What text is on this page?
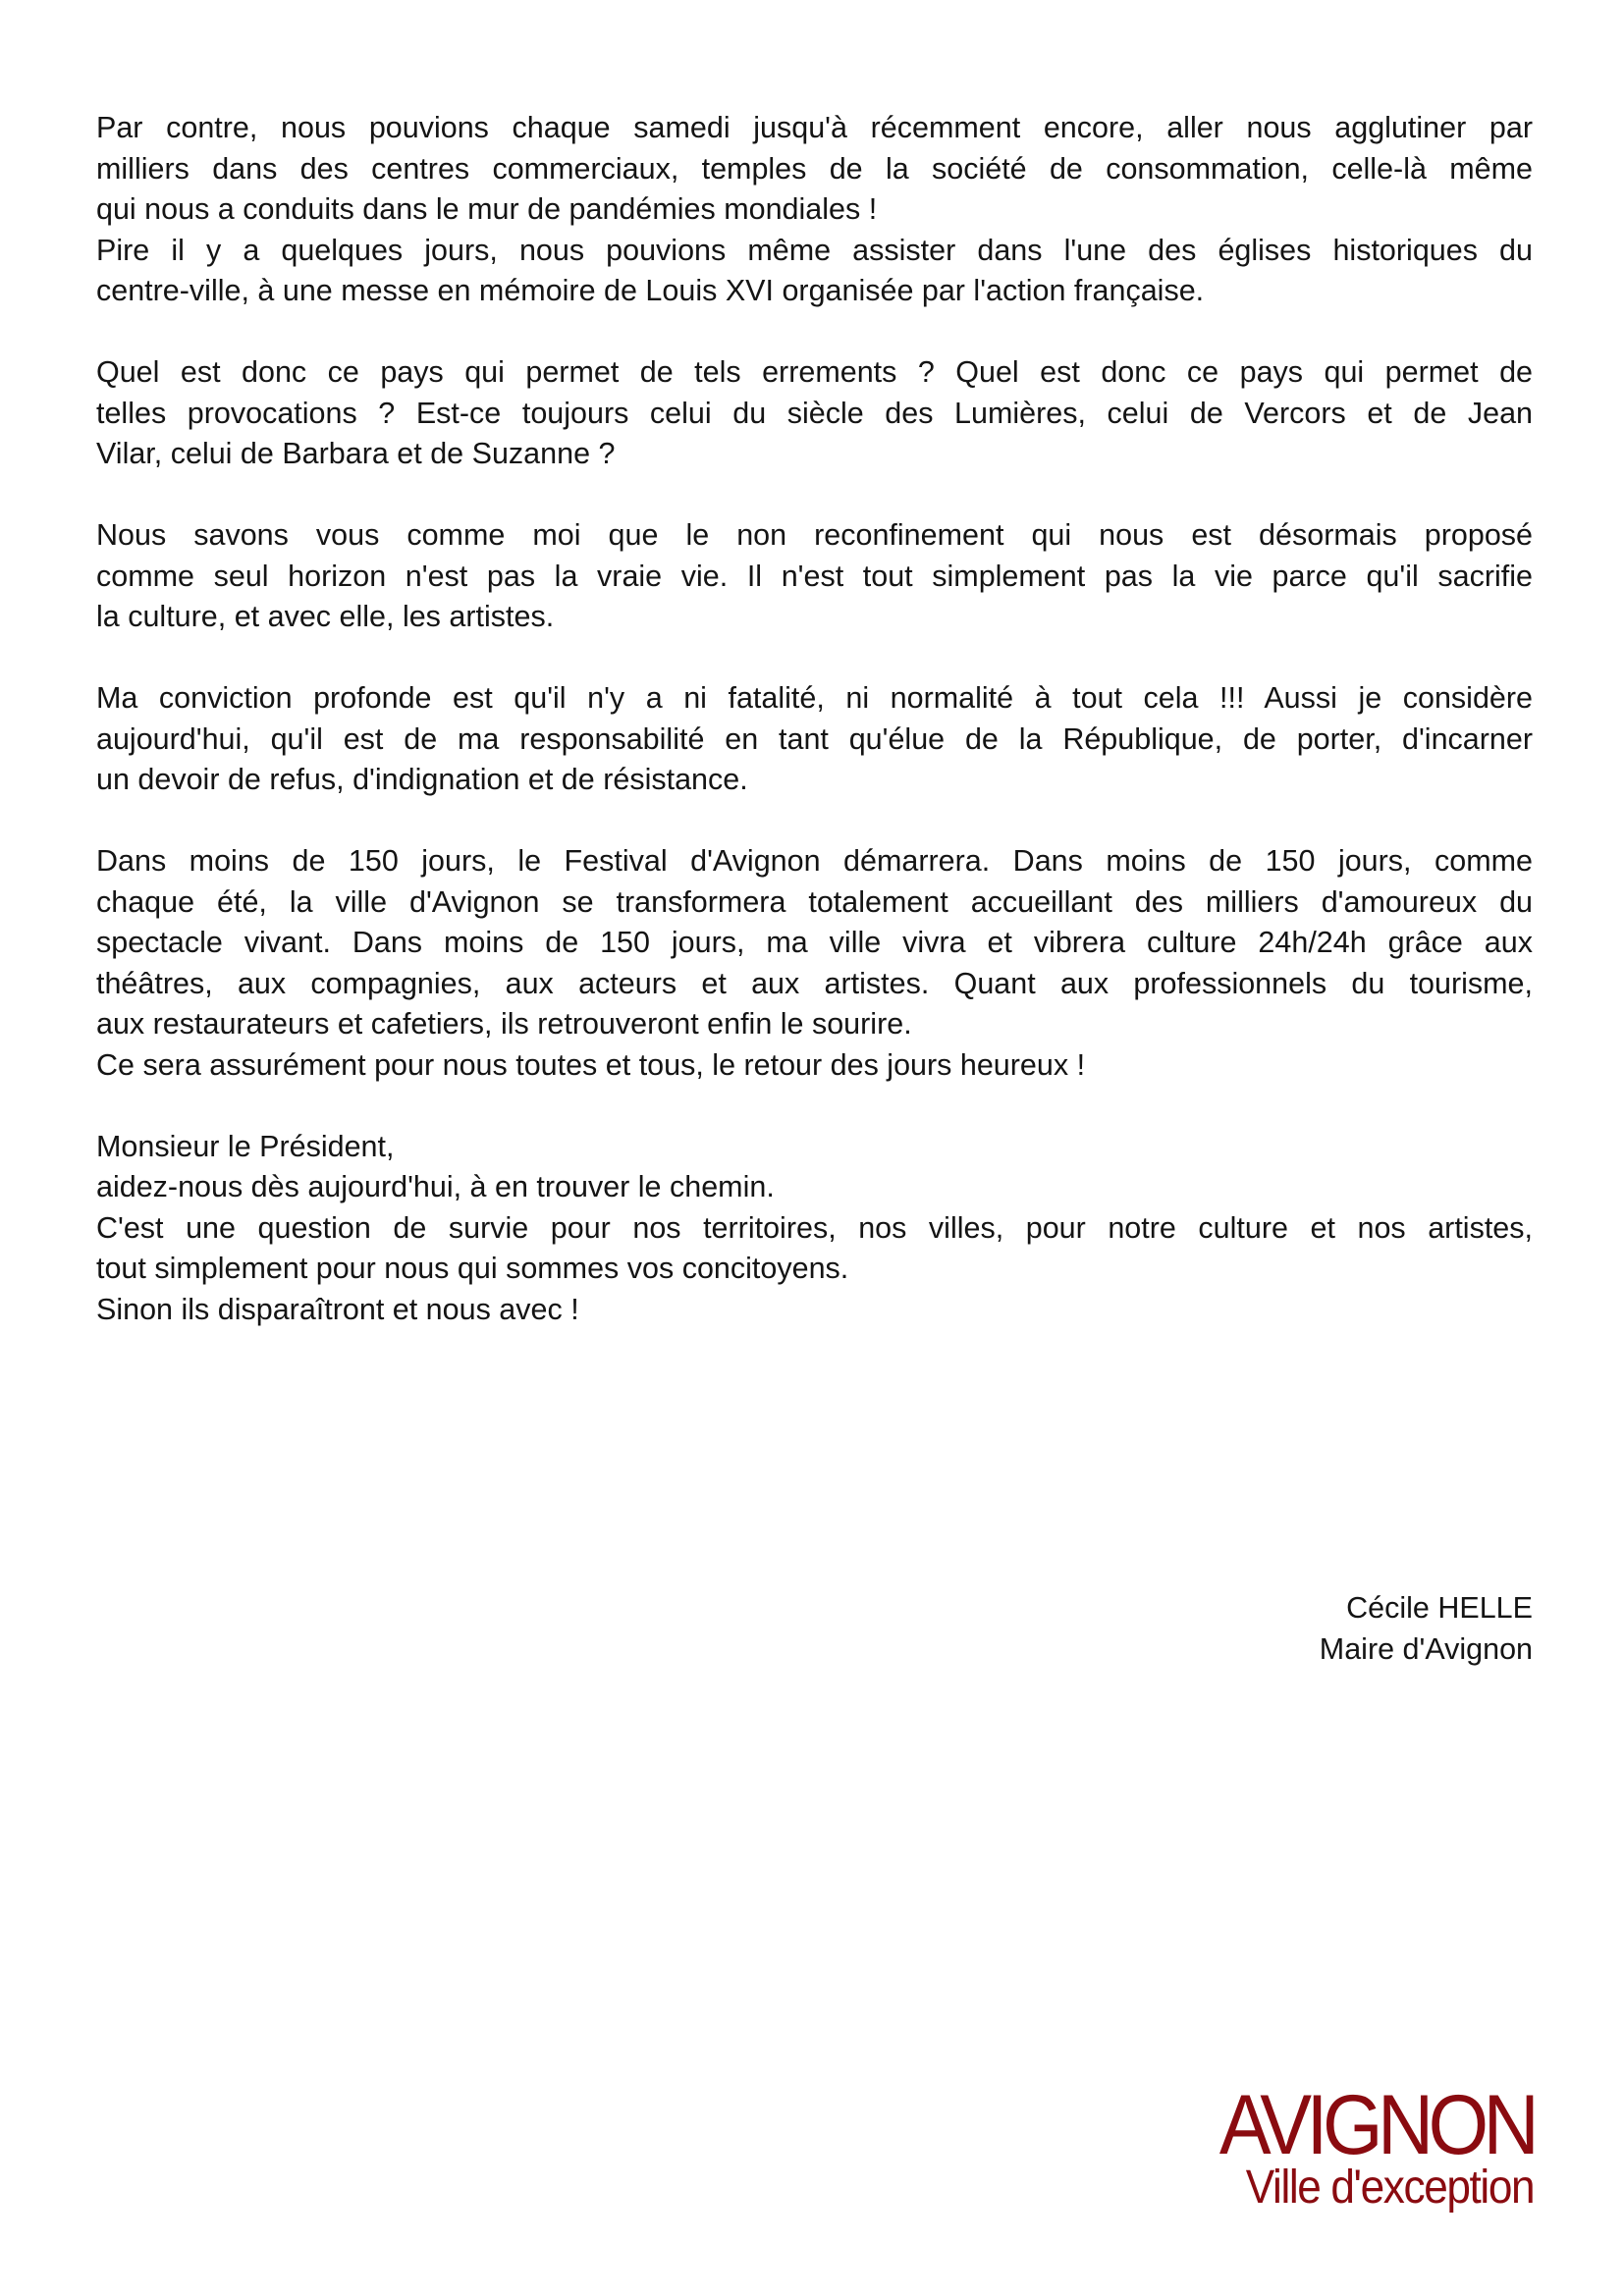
Par contre, nous pouvions chaque samedi jusqu'à récemment encore, aller nous agglutiner par
milliers dans des centres commerciaux, temples de la société de consommation, celle-là même
qui nous a conduits dans le mur de pandémies mondiales !
Pire il y a quelques jours, nous pouvions même assister dans l'une des églises historiques du
centre-ville, à une messe en mémoire de Louis XVI organisée par l'action française.

Quel est donc ce pays qui permet de tels errements ? Quel est donc ce pays qui permet de
telles provocations ? Est-ce toujours celui du siècle des Lumières, celui de Vercors et de Jean
Vilar, celui de Barbara et de Suzanne ?

Nous savons vous comme moi que le non reconfinement qui nous est désormais proposé
comme seul horizon n'est pas la vraie vie. Il n'est tout simplement pas la vie parce qu'il sacrifie
la culture, et avec elle, les artistes.

Ma conviction profonde est qu'il n'y a ni fatalité, ni normalité à tout cela !!! Aussi je considère
aujourd'hui, qu'il est de ma responsabilité en tant qu'élue de la République, de porter, d'incarner
un devoir de refus, d'indignation et de résistance.

Dans moins de 150 jours, le Festival d'Avignon démarrera. Dans moins de 150 jours, comme
chaque été, la ville d'Avignon se transformera totalement accueillant des milliers d'amoureux du
spectacle vivant. Dans moins de 150 jours, ma ville vivra et vibrera culture 24h/24h grâce aux
théâtres, aux compagnies, aux acteurs et aux artistes. Quant aux professionnels du tourisme,
aux restaurateurs et cafetiers, ils retrouveront enfin le sourire.
Ce sera assurément pour nous toutes et tous, le retour des jours heureux !

Monsieur le Président,
aidez-nous dès aujourd'hui, à en trouver le chemin.
C'est une question de survie pour nos territoires, nos villes, pour notre culture et nos artistes,
tout simplement pour nous qui sommes vos concitoyens.
Sinon ils disparaîtront et nous avec !

Cécile HELLE
Maire d'Avignon
AVIGNON
Ville d'exception
